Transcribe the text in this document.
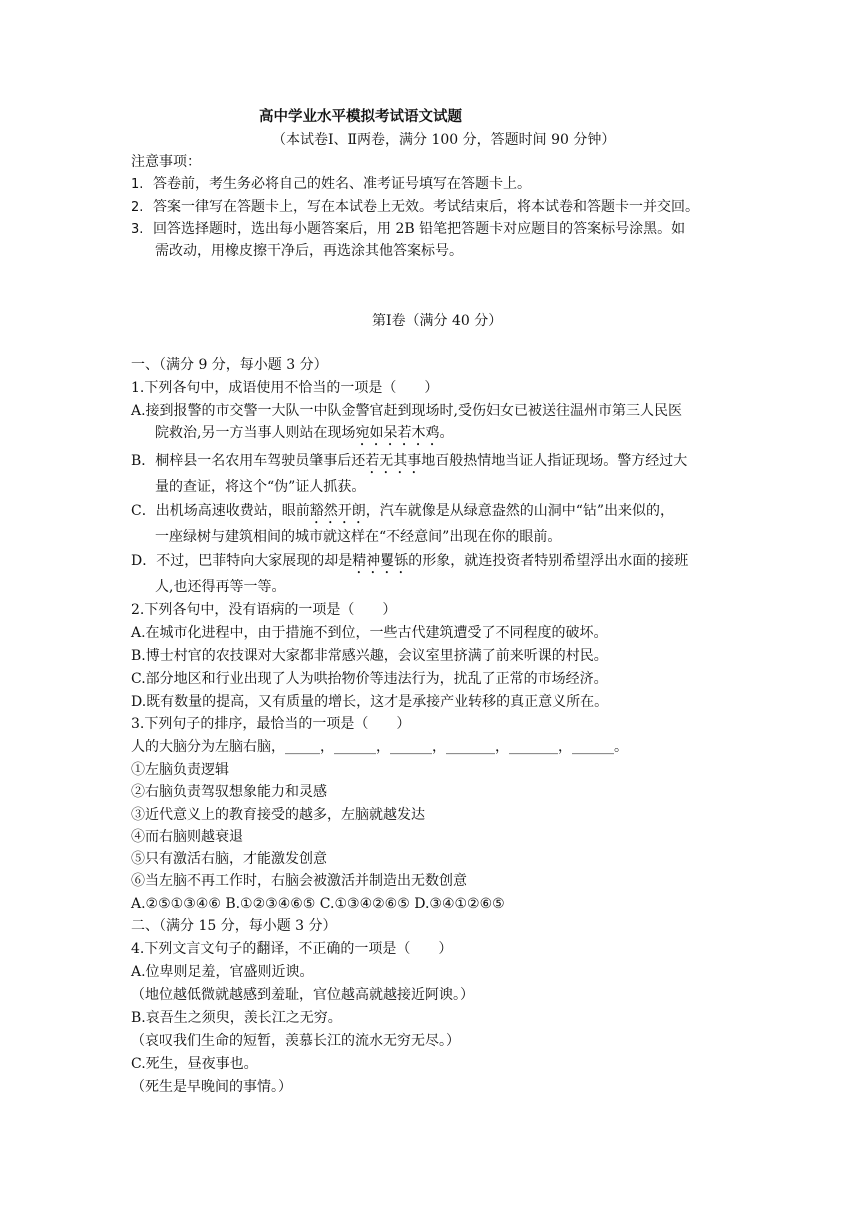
高中学业水平模拟考试语文试题
（本试卷Ⅰ、Ⅱ两卷，满分 100 分，答题时间 90 分钟）
注意事项：
1. 答卷前，考生务必将自己的姓名、准考证号填写在答题卡上。
2. 答案一律写在答题卡上，写在本试卷上无效。考试结束后，将本试卷和答题卡一并交回。
3. 回答选择题时，选出每小题答案后，用 2B 铅笔把答题卡对应题目的答案标号涂黑。如
需改动，用橡皮擦干净后，再选涂其他答案标号。
第Ⅰ卷（满分 40 分）
一、（满分 9 分，每小题 3 分）
1.下列各句中，成语使用不恰当的一项是（　　）
A.接到报警的市交警一大队一中队金警官赶到现场时,受伤妇女已被送往温州市第三人民医
院救治,另一方当事人则站在现场宛如呆若木鸡。
B．桐梓县一名农用车驾驶员肇事后还若无其事地百般热情地当证人指证现场。警方经过大
量的查证，将这个“伪”证人抓获。
C．出机场高速收费站，眼前豁然开朗，汽车就像是从绿意盎然的山洞中“钻”出来似的，
一座绿树与建筑相间的城市就这样在“不经意间”出现在你的眼前。
D．不过，巴菲特向大家展现的却是精神矍铄的形象，就连投资者特别希望浮出水面的接班
人,也还得再等一等。
2.下列各句中，没有语病的一项是（　　）
A.在城市化进程中，由于措施不到位，一些古代建筑遭受了不同程度的破坏。
B.博士村官的农技课对大家都非常感兴趣，会议室里挤满了前来听课的村民。
C.部分地区和行业出现了人为哄抬物价等违法行为，扰乱了正常的市场经济。
D.既有数量的提高，又有质量的增长，这才是承接产业转移的真正意义所在。
3.下列句子的排序，最恰当的一项是（　　）
人的大脑分为左脑右脑，_____，______，______，_______，_______，______。
①左脑负责逻辑
②右脑负责驾驭想象能力和灵感
③近代意义上的教育接受的越多，左脑就越发达
④而右脑则越衰退
⑤只有激活右脑，才能激发创意
⑥当左脑不再工作时，右脑会被激活并制造出无数创意
A.②⑤①③④⑥ B.①②③④⑥⑤ C.①③④②⑥⑤ D.③④①②⑥⑤
二、（满分 15 分，每小题 3 分）
4.下列文言文句子的翻译，不正确的一项是（　　）
A.位卑则足羞，官盛则近谀。
（地位越低微就越感到羞耻，官位越高就越接近阿谀。）
B.哀吾生之须臾，羡长江之无穷。
（哀叹我们生命的短暂，羡慕长江的流水无穷无尽。）
C.死生，昼夜事也。
（死生是早晚间的事情。）
